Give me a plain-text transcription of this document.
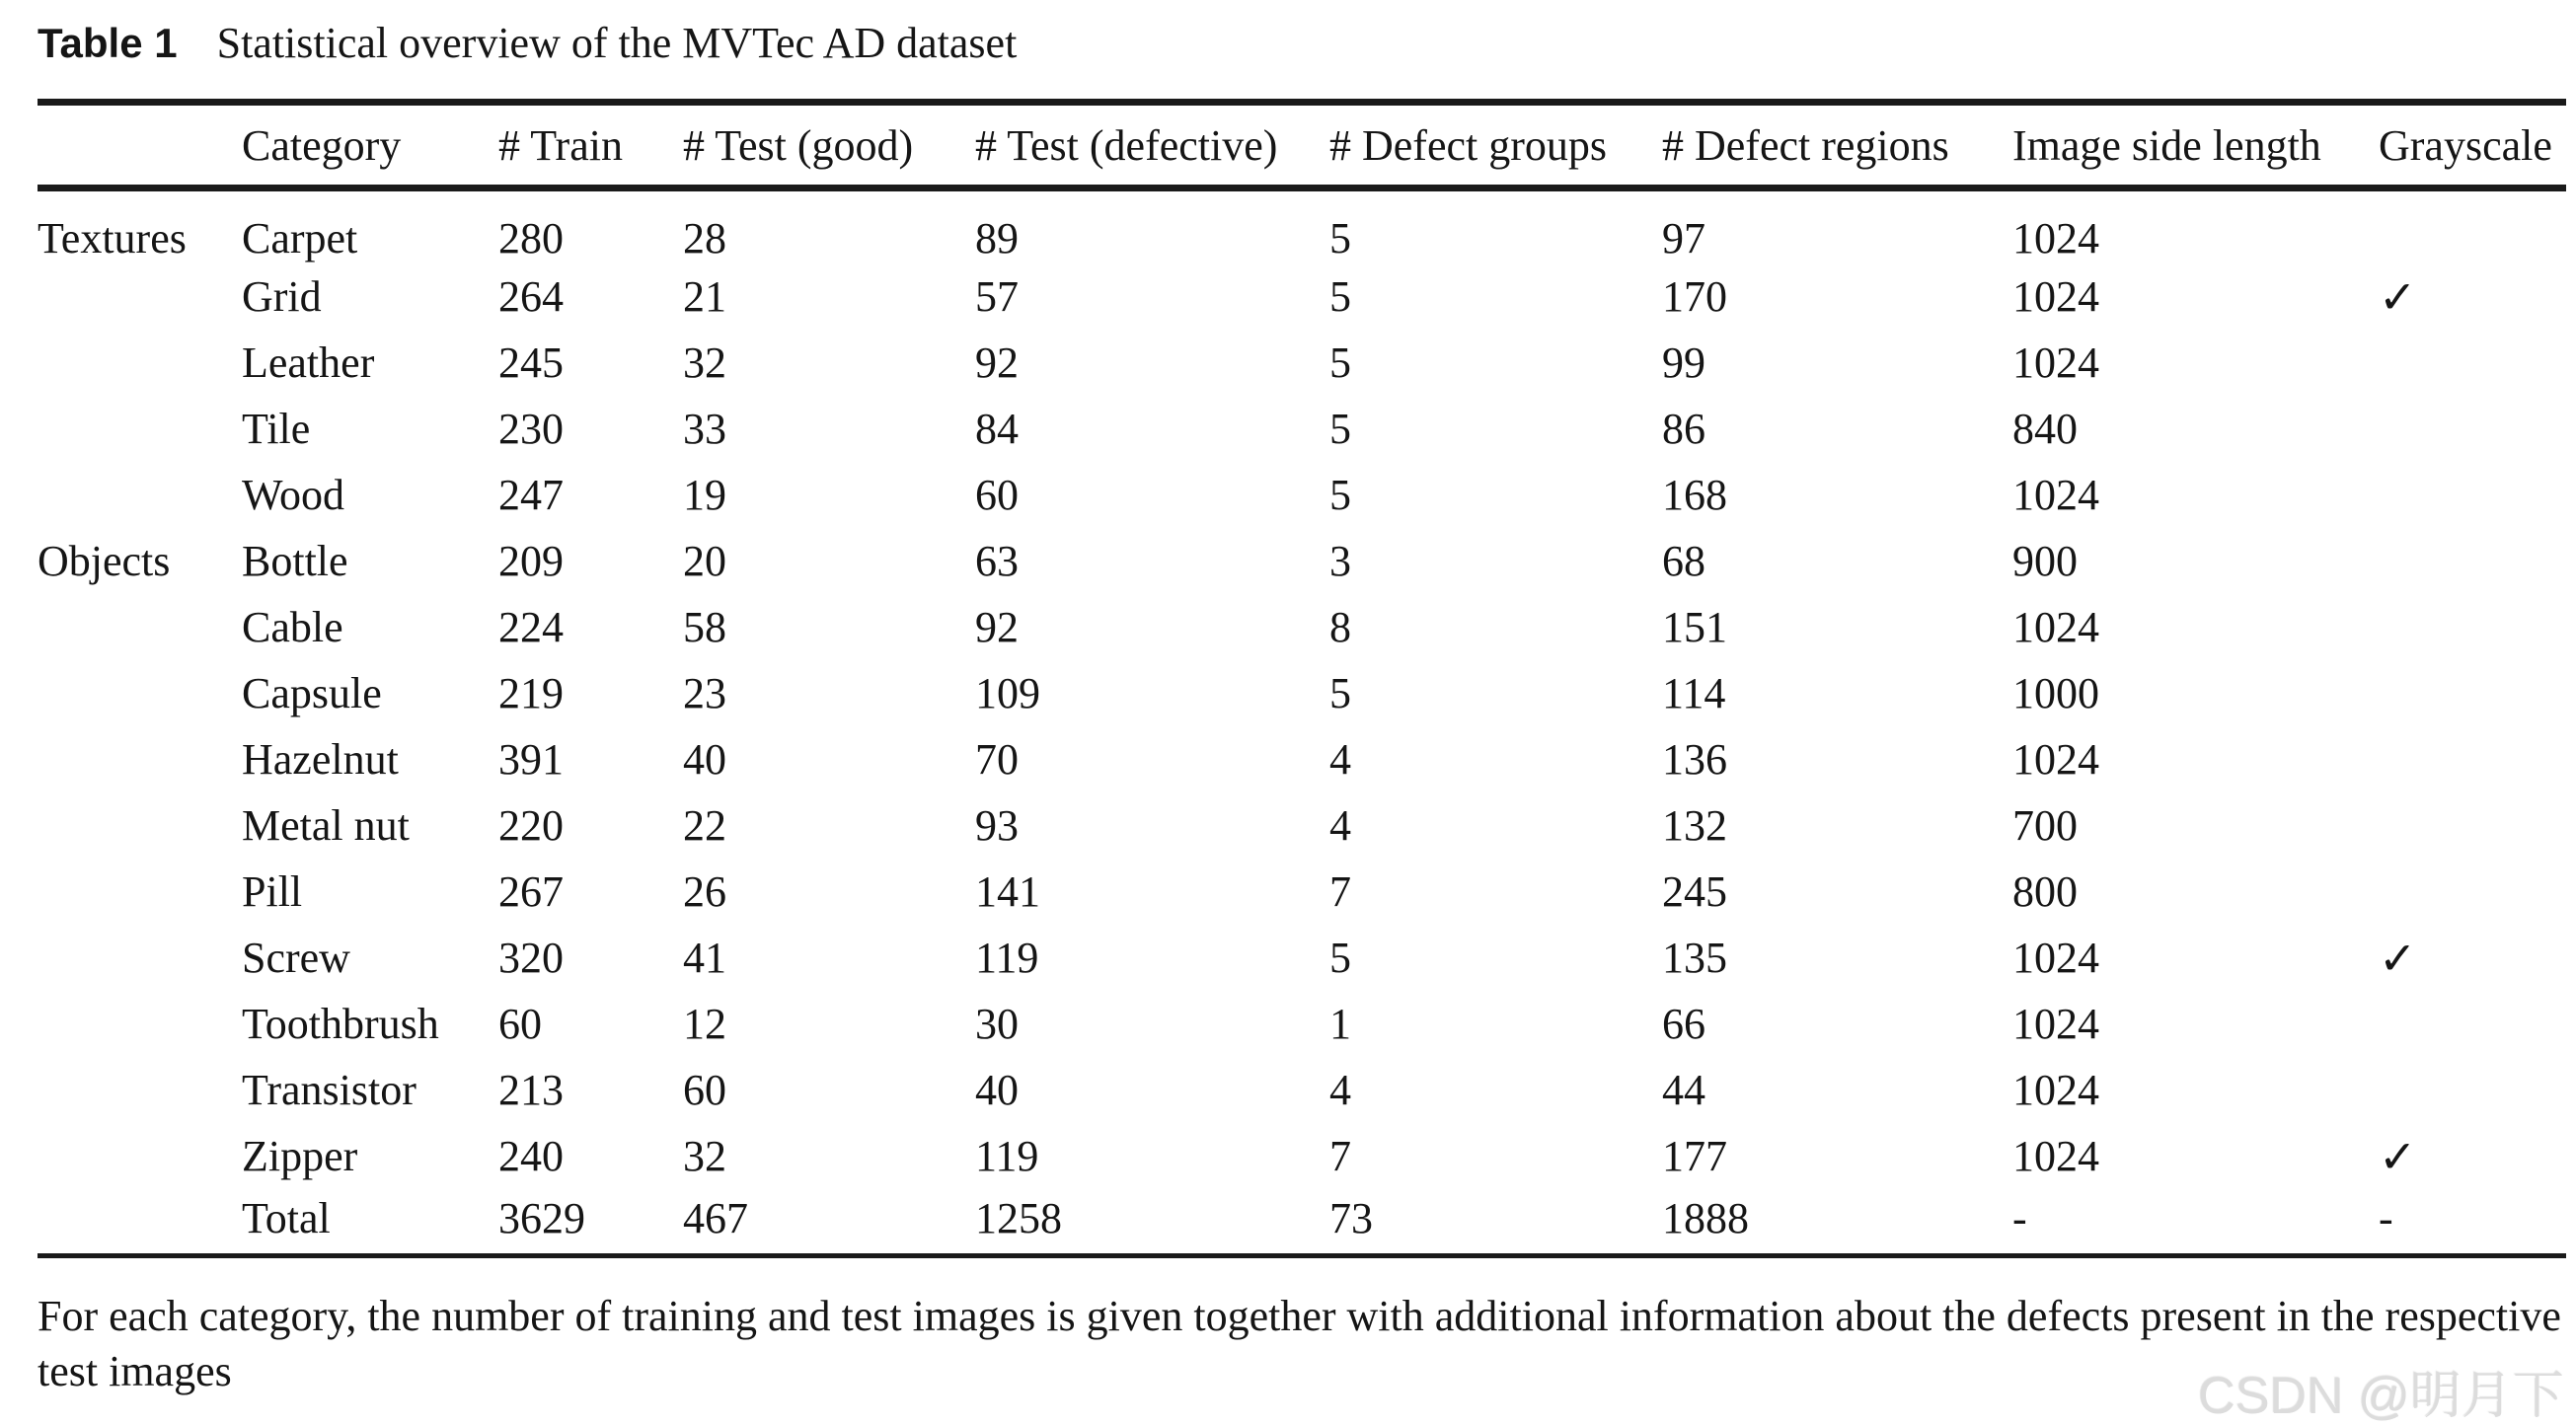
Table 1 Statistical overview of the MVTec AD dataset
	Category	# Train	# Test (good)	# Test (defective)	# Defect groups	# Defect regions	Image side length	Grayscale
Textures	Carpet	280	28	89	5	97	1024	
	Grid	264	21	57	5	170	1024	✓
	Leather	245	32	92	5	99	1024	
	Tile	230	33	84	5	86	840	
	Wood	247	19	60	5	168	1024	
Objects	Bottle	209	20	63	3	68	900	
	Cable	224	58	92	8	151	1024	
	Capsule	219	23	109	5	114	1000	
	Hazelnut	391	40	70	4	136	1024	
	Metal nut	220	22	93	4	132	700	
	Pill	267	26	141	7	245	800	
	Screw	320	41	119	5	135	1024	✓
	Toothbrush	60	12	30	1	66	1024	
	Transistor	213	60	40	4	44	1024	
	Zipper	240	32	119	7	177	1024	✓
	Total	3629	467	1258	73	1888	-	-
For each category, the number of training and test images is given together with additional information about the defects present in the respective test images	CSDN @明月下
